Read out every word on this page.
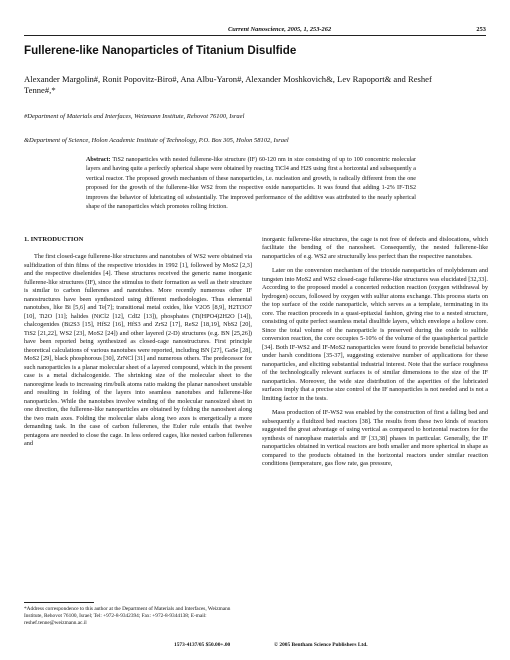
Current Nanoscience, 2005, 1, 253-262	253
Fullerene-like Nanoparticles of Titanium Disulfide
Alexander Margolin#, Ronit Popovitz-Biro#, Ana Albu-Yaron#, Alexander Moshkovich&, Lev Rapoport& and Reshef Tenne#,*
#Department of Materials and Interfaces, Weizmann Institute, Rehovot 76100, Israel
&Department of Science, Holon Academic Institute of Technology, P.O. Box 305, Holon 58102, Israel
Abstract: TiS2 nanoparticles with nested fullerene-like structure (IF) 60-120 nm in size consisting of up to 100 concentric molecular layers and having quite a perfectly spherical shape were obtained by reacting TiCl4 and H2S using first a horizontal and subsequently a vertical reactor. The proposed growth mechanism of these nanoparticles, i.e. nucleation and growth, is radically different from the one proposed for the growth of the fullerene-like WS2 from the respective oxide nanoparticles. It was found that adding 1-2% IF-TiS2 improves the behavior of lubricating oil substantially. The improved performance of the additive was attributed to the nearly spherical shape of the nanoparticles which promotes rolling friction.
1. INTRODUCTION

The first closed-cage fullerene-like structures and nanotubes of WS2 were obtained via sulfidization of thin films of the respective trioxides in 1992 [1], followed by MoS2 [2,3] and the respective diselenides [4]. These structures received the generic name inorganic fullerene-like structures (IF), since the stimulus to their formation as well as their structure is similar to carbon fullerenes and nanotubes. More recently numerous other IF nanostructures have been synthesized using different methodologies. Thus elemental nanotubes, like Bi [5,6] and Te[7]; transitional metal oxides, like V2O5 [8,9], H2Ti3O7 [10], Ti2O [11]; halides (NiCl2 [12], CdI2 [13]), phosphates (Ti(HPO4)2H2O [14]), chalcogenides (Bi2S3 [15], HfS2 [16], HfS3 and ZrS2 [17], ReS2 [18,19], NbS2 [20], TiS2 [21,22], WS2 [23], MoS2 [24]) and other layered (2-D) structures (e.g. BN [25,26]) have been reported being synthesized as closed-cage nanostructures. First principle theoretical calculations of various nanotubes were reported, including BN [27], GaSe [28], MoS2 [29], black phosphorous [30], ZrNCl [31] and numerous others. The predecessor for such nanoparticles is a planar molecular sheet of a layered compound, which in the present case is a metal dichalcogenide. The shrinking size of the molecular sheet to the nanoregime leads to increasing rim/bulk atoms ratio making the planar nanosheet unstable and resulting in folding of the layers into seamless nanotubes and fullerene-like nanoparticles. While the nanotubes involve winding of the molecular nanosized sheet in one direction, the fullerene-like nanoparticles are obtained by folding the nanosheet along the two main axes. Folding the molecular slabs along two axes is energetically a more demanding task. In the case of carbon fullerenes, the Euler rule entails that twelve pentagons are needed to close the cage. In less ordered cages, like nested carbon fullerenes and

inorganic fullerene-like structures, the cage is not free of defects and dislocations, which facilitate the bending of the nanosheet. Consequently, the nested fullerene-like nanoparticles of e.g. WS2 are structurally less perfect than the respective nanotubes.

Later on the conversion mechanism of the trioxide nanoparticles of molybdenum and tungsten into MoS2 and WS2 closed-cage fullerene-like structures was elucidated [32,33]. According to the proposed model a concerted reduction reaction (oxygen withdrawal by hydrogen) occurs, followed by oxygen with sulfur atoms exchange. This process starts on the top surface of the oxide nanoparticle, which serves as a template, terminating in its core. The reaction proceeds in a quasi-epitaxial fashion, giving rise to a nested structure, consisting of quite perfect seamless metal disulfide layers, which envelope a hollow core. Since the total volume of the nanoparticle is preserved during the oxide to sulfide conversion reaction, the core occupies 5-10% of the volume of the quasispherical particle [34]. Both IF-WS2 and IF-MoS2 nanoparticles were found to provide beneficial behavior under harsh conditions [35-37], suggesting extensive number of applications for these nanoparticles, and eliciting substantial industrial interest. Note that the surface roughness of the technologically relevant surfaces is of similar dimensions to the size of the IF nanoparticles. Moreover, the wide size distribution of the asperities of the lubricated surfaces imply that a precise size control of the IF nanoparticles is not needed and is not a limiting factor in the tests.

Mass production of IF-WS2 was enabled by the construction of first a falling bed and subsequently a fluidized bed reactors [38]. The results from these two kinds of reactors suggested the great advantage of using vertical as compared to horizontal reactors for the synthesis of nanophase materials and IF [33,38] phases in particular. Generally, the IF nanoparticles obtained in vertical reactors are both smaller and more spherical in shape as compared to the products obtained in the horizontal reactors under similar reaction conditions (temperature, gas flow rate, gas pressure,

*Address correspondence to this author at the Department of Materials and Interfaces, Weizmann Institute, Rehovot 76100, Israel; Tel: +972-8-9342394; Fax: +972-8-9344138; E-mail: reshef.tenne@weizmann.ac.il
1573-4137/05 $50.00+.00	© 2005 Bentham Science Publishers Ltd.
